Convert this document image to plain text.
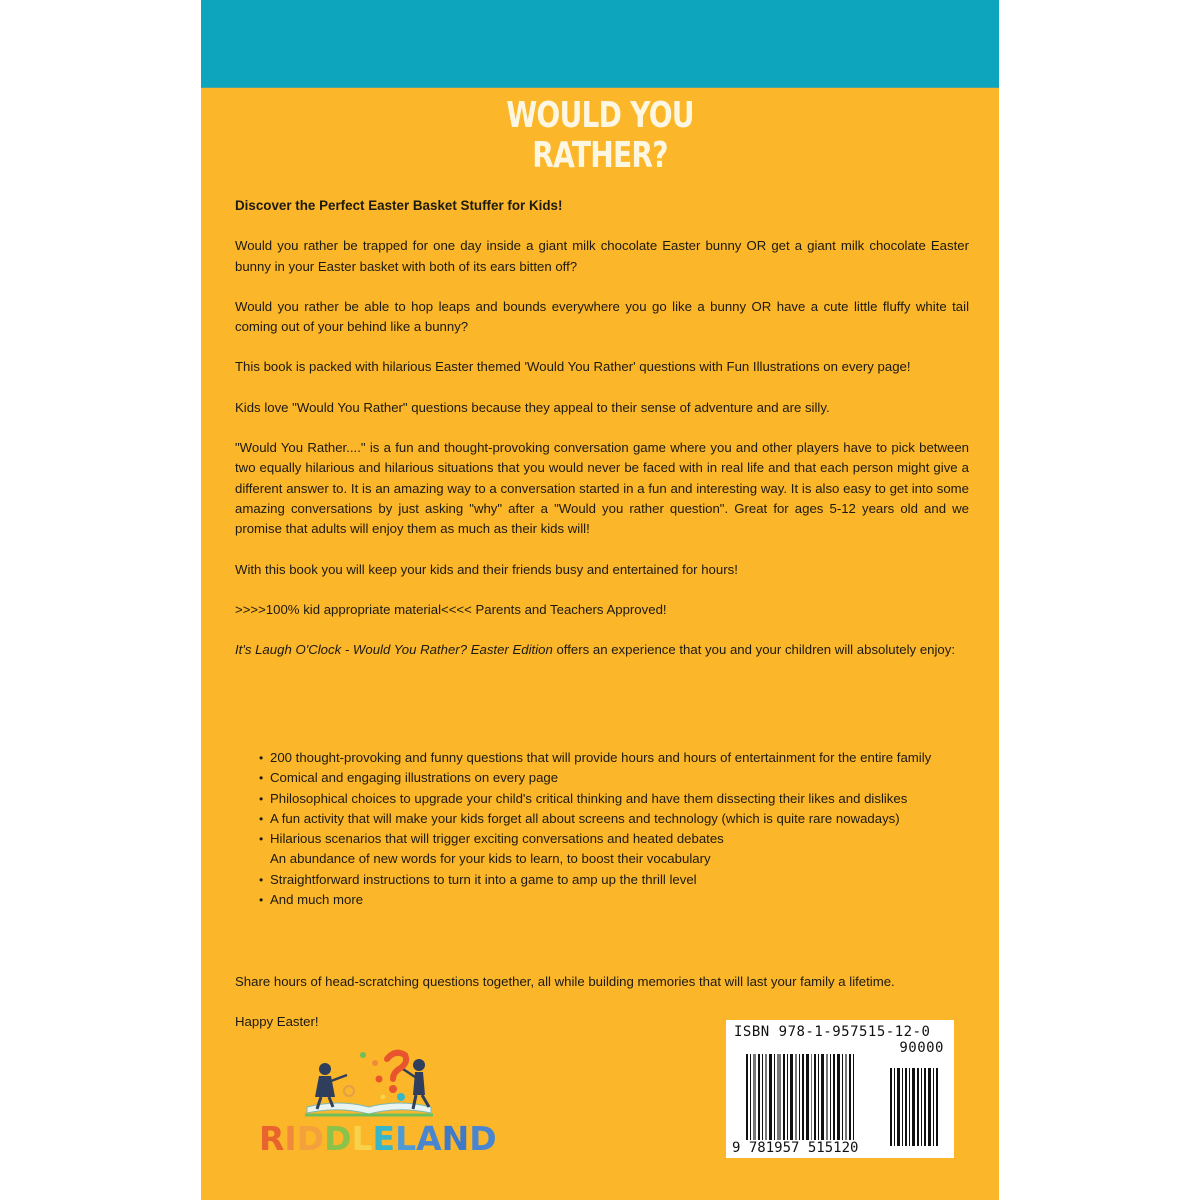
WOULD YOU
RATHER?

Discover the Perfect Easter Basket Stuffer for Kids!

Would you rather be trapped for one day inside a giant milk chocolate Easter bunny OR get a giant milk chocolate Easter bunny in your Easter basket with both of its ears bitten off?

Would you rather be able to hop leaps and bounds everywhere you go like a bunny OR have a cute little fluffy white tail coming out of your behind like a bunny?

This book is packed with hilarious Easter themed 'Would You Rather' questions with Fun Illustrations on every page!

Kids love "Would You Rather" questions because they appeal to their sense of adventure and are silly.

"Would You Rather...." is a fun and thought-provoking conversation game where you and other players have to pick between two equally hilarious and hilarious situations that you would never be faced with in real life and that each person might give a different answer to. It is an amazing way to a conversation started in a fun and interesting way. It is also easy to get into some amazing conversations by just asking "why" after a "Would you rather question". Great for ages 5-12 years old and we promise that adults will enjoy them as much as their kids will!

With this book you will keep your kids and their friends busy and entertained for hours!

>>>>100% kid appropriate material<<<< Parents and Teachers Approved!

It's Laugh O'Clock - Would You Rather? Easter Edition offers an experience that you and your children will absolutely enjoy:

• 200 thought-provoking and funny questions that will provide hours and hours of entertainment for the entire family
• Comical and engaging illustrations on every page
• Philosophical choices to upgrade your child's critical thinking and have them dissecting their likes and dislikes
• A fun activity that will make your kids forget all about screens and technology (which is quite rare nowadays)
• Hilarious scenarios that will trigger exciting conversations and heated debates
An abundance of new words for your kids to learn, to boost their vocabulary
• Straightforward instructions to turn it into a game to amp up the thrill level
• And much more

Share hours of head-scratching questions together, all while building memories that will last your family a lifetime.

Happy Easter!

RIDDLELAND
ISBN 978-1-957515-12-0
90000
9 781957 515120
